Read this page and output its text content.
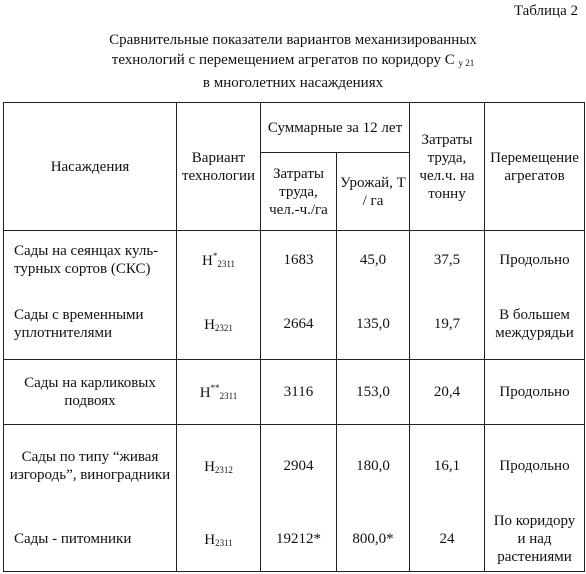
Таблица 2
Сравнительные показатели вариантов механизированных
технологий с перемещением агрегатов по коридору С $_{у 21}$
в многолетних насаждениях
Насаждения	Вариант технологии	Суммарные за 12 лет		Затраты труда, чел.ч. на тонну	Перемещение агрегатов
		Затраты труда, чел.-ч./га	Урожай, Т / га		
Сады на сеянцах куль-турных сортов (СКС)	$Н^*_{2311}$	1683	45,0	37,5	Продольно
Сады с временными уплотнителями	$Н_{2321}$	2664	135,0	19,7	В большем междурядьи
Сады на карликовых подвоях	$Н^{**}_{2311}$	3116	153,0	20,4	Продольно
Сады по типу “живая изгородь”, виноградники	$Н_{2312}$	2904	180,0	16,1	Продольно
Сады - питомники	$Н_{2311}$	19212*	800,0*	24	По коридору и над растениями
